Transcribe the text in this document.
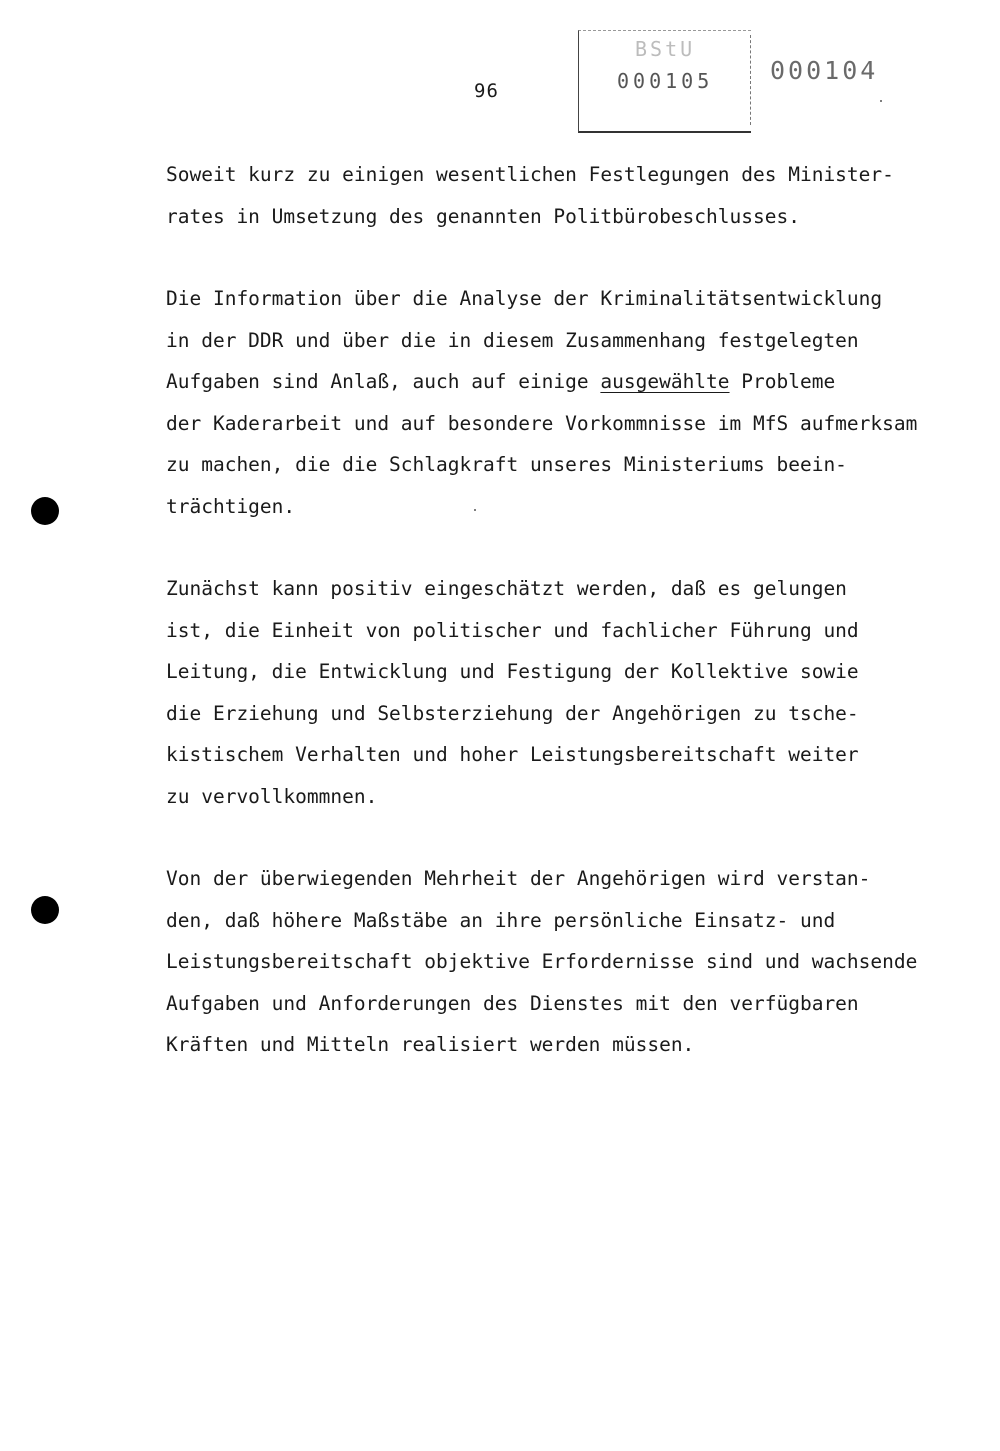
96
BStU
000105 000104
Soweit kurz zu einigen wesentlichen Festlegungen des Minister-
rates in Umsetzung des genannten Politbürobeschlusses.
Die Information über die Analyse der Kriminalitätsentwicklung
in der DDR und über die in diesem Zusammenhang festgelegten
Aufgaben sind Anlaß, auch auf einige ausgewählte Probleme
der Kaderarbeit und auf besondere Vorkommnisse im MfS aufmerksam
zu machen, die die Schlagkraft unseres Ministeriums beein-
trächtigen.
Zunächst kann positiv eingeschätzt werden, daß es gelungen
ist, die Einheit von politischer und fachlicher Führung und
Leitung, die Entwicklung und Festigung der Kollektive sowie
die Erziehung und Selbsterziehung der Angehörigen zu tsche-
kistischem Verhalten und hoher Leistungsbereitschaft weiter
zu vervollkommnen.
Von der überwiegenden Mehrheit der Angehörigen wird verstan-
den, daß höhere Maßstäbe an ihre persönliche Einsatz- und
Leistungsbereitschaft objektive Erfordernisse sind und wachsende
Aufgaben und Anforderungen des Dienstes mit den verfügbaren
Kräften und Mitteln realisiert werden müssen.
